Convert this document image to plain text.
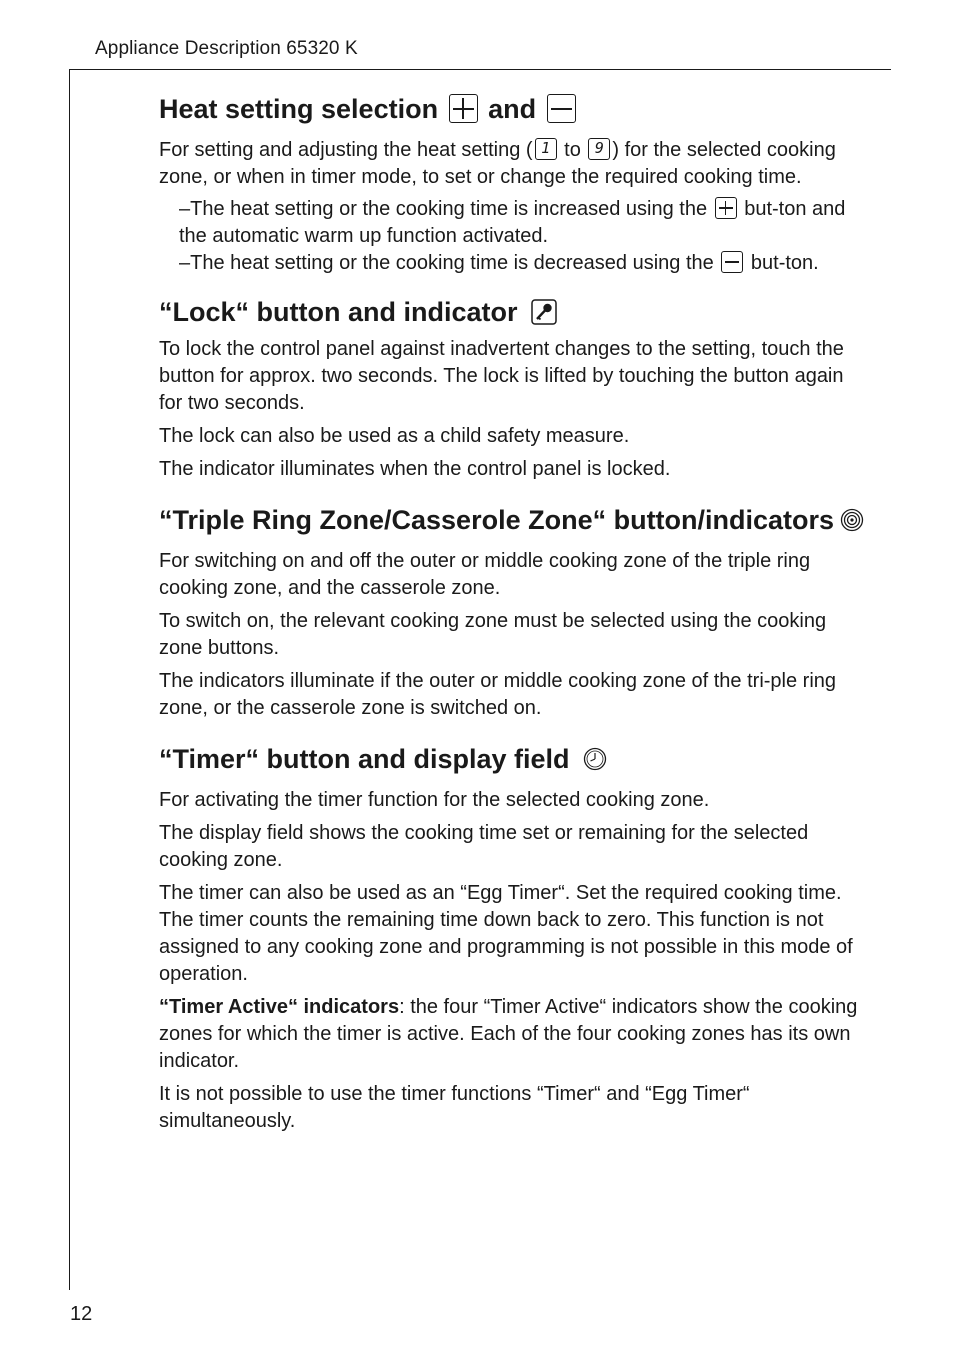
Appliance Description 65320 K
Heat setting selection and

For setting and adjusting the heat setting ( 1 to 9 ) for the selected cooking zone, or when in timer mode, to set or change the required cooking time.

–The heat setting or the cooking time is increased using the but-ton and the automatic warm up function activated.

–The heat setting or the cooking time is decreased using the but-ton.

“Lock“ button and indicator

To lock the control panel against inadvertent changes to the setting, touch the button for approx. two seconds. The lock is lifted by touching the button again for two seconds.

The lock can also be used as a child safety measure.

The indicator illuminates when the control panel is locked.

“Triple Ring Zone/Casserole Zone“ button/indicators

For switching on and off the outer or middle cooking zone of the triple ring cooking zone, and the casserole zone.

To switch on, the relevant cooking zone must be selected using the cooking zone buttons.

The indicators illuminate if the outer or middle cooking zone of the tri-ple ring zone, or the casserole zone is switched on.

“Timer“ button and display field

For activating the timer function for the selected cooking zone.

The display field shows the cooking time set or remaining for the selected cooking zone.

The timer can also be used as an “Egg Timer“. Set the required cooking time. The timer counts the remaining time down back to zero. This function is not assigned to any cooking zone and programming is not possible in this mode of operation.

“Timer Active“ indicators: the four “Timer Active“ indicators show the cooking zones for which the timer is active. Each of the four cooking zones has its own indicator.

It is not possible to use the timer functions “Timer“ and “Egg Timer“ simultaneously.

12
